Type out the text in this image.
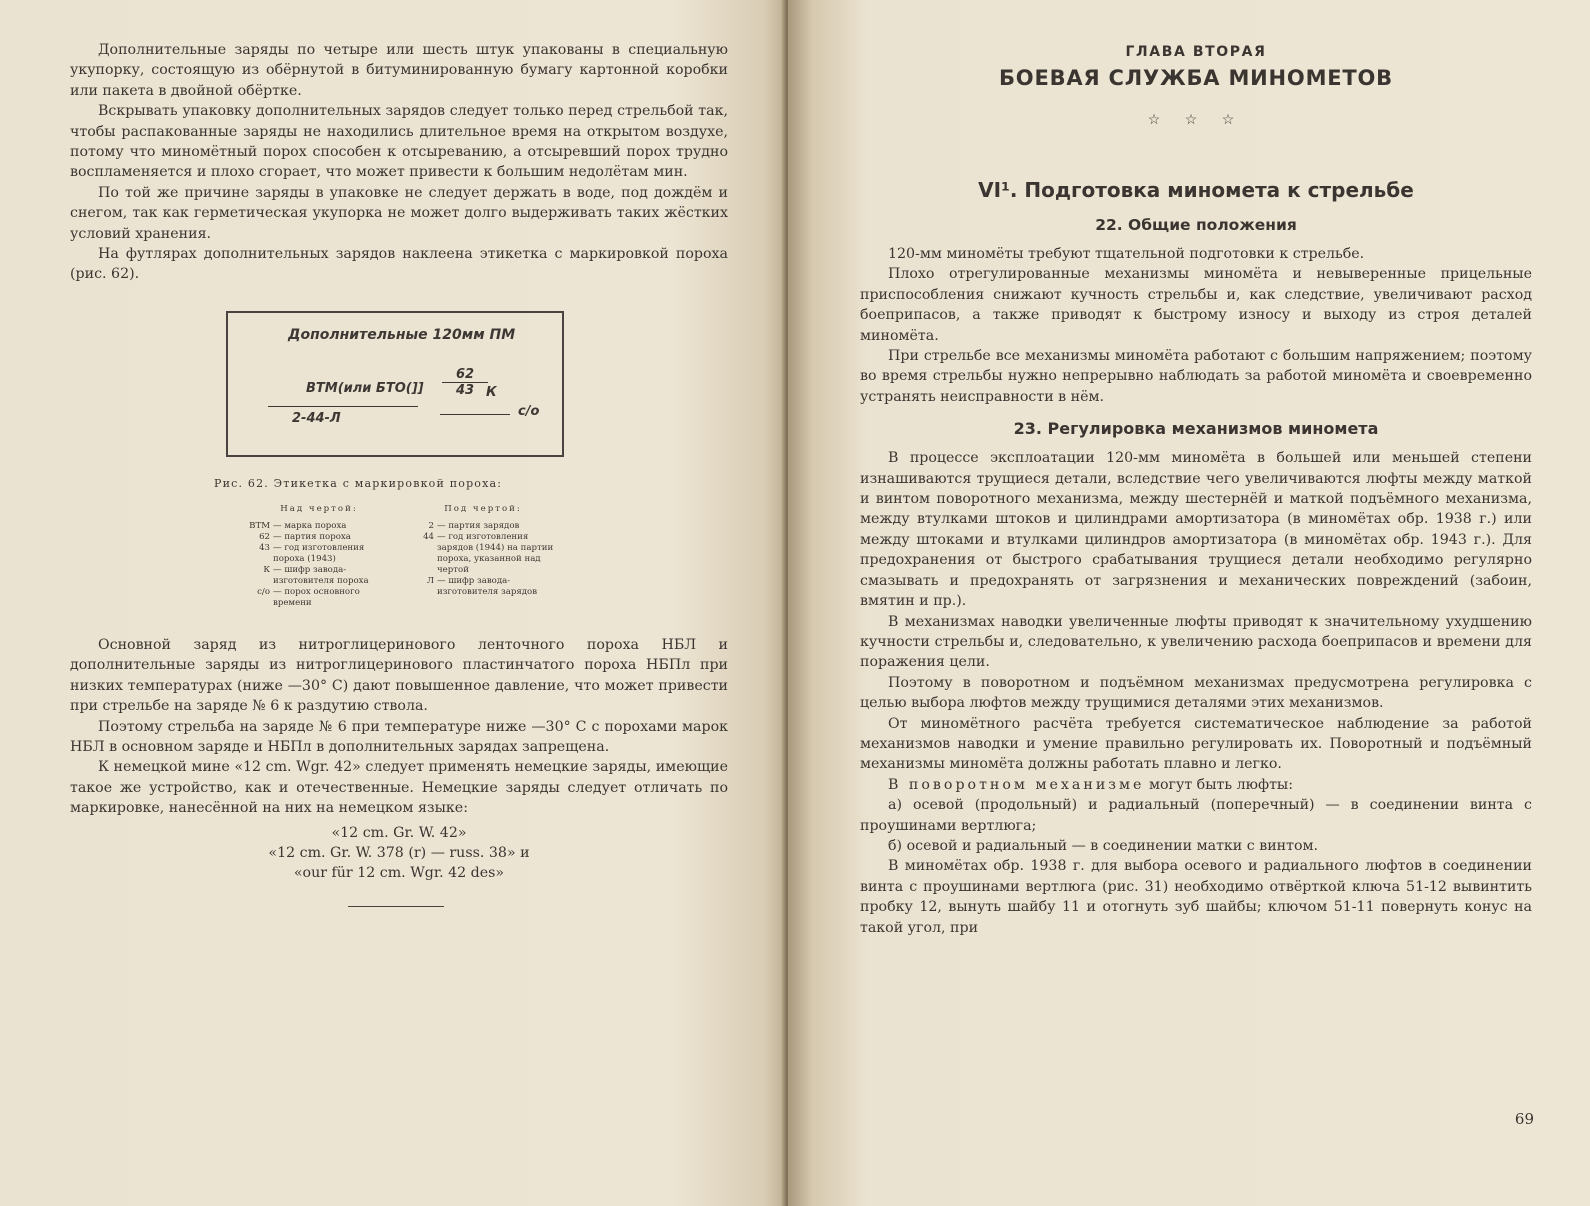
Дополнительные заряды по четыре или шесть штук упакованы в специальную укупорку, состоящую из обёрнутой в битуминированную бумагу картонной коробки или пакета в двойной обёртке.

Вскрывать упаковку дополнительных зарядов следует только перед стрельбой так, чтобы распакованные заряды не находились длительное время на открытом воздухе, потому что миномётный порох способен к отсыреванию, а отсыревший порох трудно воспламеняется и плохо сгорает, что может привести к большим недолётам мин.

По той же причине заряды в упаковке не следует держать в воде, под дождём и снегом, так как герметическая укупорка не может долго выдерживать таких жёстких условий хранения.

На футлярах дополнительных зарядов наклеена этикетка с маркировкой пороха (рис. 62).

Дополнительные 120мм ПМ
ВТМ(или БТО(]]
2-44-Л
$\frac{62}{43}$
К
с/о
Рис. 62. Этикетка с маркировкой пороха:
Над чертой:
ВТМ — марка пороха
62 — партия пороха
43 — год изготовления пороха (1943)
К — шифр завода-изготовителя пороха
с/о — порох основного времени
Под чертой:
2 — партия зарядов
44 — год изготовления зарядов (1944) на партии пороха, указанной над чертой
Л — шифр завода-изготовителя зарядов

Основной заряд из нитроглицеринового ленточного пороха НБЛ и дополнительные заряды из нитроглицеринового пластинчатого пороха НБПл при низких температурах (ниже —30° С) дают повышенное давление, что может привести при стрельбе на заряде № 6 к раздутию ствола.

Поэтому стрельба на заряде № 6 при температуре ниже —30° С с порохами марок НБЛ в основном заряде и НБПл в дополнительных зарядах запрещена.

К немецкой мине «12 cm. Wgr. 42» следует применять немецкие заряды, имеющие такое же устройство, как и отечественные. Немецкие заряды следует отличать по маркировке, нанесённой на них на немецком языке:

«12 cm. Gr. W. 42»

«12 cm. Gr. W. 378 (r) — russ. 38» и

«our für 12 cm. Wgr. 42 des»

ГЛАВА ВТОРАЯ
БОЕВАЯ СЛУЖБА МИНОМЕТОВ
☆ ☆ ☆
VI¹. Подготовка миномета к стрельбе
22. Общие положения

120-мм миномёты требуют тщательной подготовки к стрельбе.

Плохо отрегулированные механизмы миномёта и невыверенные прицельные приспособления снижают кучность стрельбы и, как следствие, увеличивают расход боеприпасов, а также приводят к быстрому износу и выходу из строя деталей миномёта.

При стрельбе все механизмы миномёта работают с большим напряжением; поэтому во время стрельбы нужно непрерывно наблюдать за работой миномёта и своевременно устранять неисправности в нём.

23. Регулировка механизмов миномета

В процессе эксплоатации 120-мм миномёта в большей или меньшей степени изнашиваются трущиеся детали, вследствие чего увеличиваются люфты между маткой и винтом поворотного механизма, между шестернёй и маткой подъёмного механизма, между втулками штоков и цилиндрами амортизатора (в миномётах обр. 1938 г.) или между штоками и втулками цилиндров амортизатора (в миномётах обр. 1943 г.). Для предохранения от быстрого срабатывания трущиеся детали необходимо регулярно смазывать и предохранять от загрязнения и механических повреждений (забоин, вмятин и пр.).

В механизмах наводки увеличенные люфты приводят к значительному ухудшению кучности стрельбы и, следовательно, к увеличению расхода боеприпасов и времени для поражения цели.

Поэтому в поворотном и подъёмном механизмах предусмотрена регулировка с целью выбора люфтов между трущимися деталями этих механизмов.

От миномётного расчёта требуется систематическое наблюдение за работой механизмов наводки и умение правильно регулировать их. Поворотный и подъёмный механизмы миномёта должны работать плавно и легко.

В поворотном механизме могут быть люфты:

а) осевой (продольный) и радиальный (поперечный) — в соединении винта с проушинами вертлюга;

б) осевой и радиальный — в соединении матки с винтом.

В миномётах обр. 1938 г. для выбора осевого и радиального люфтов в соединении винта с проушинами вертлюга (рис. 31) необходимо отвёрткой ключа 51-12 вывинтить пробку 12, вынуть шайбу 11 и отогнуть зуб шайбы; ключом 51-11 повернуть конус на такой угол, при

69
